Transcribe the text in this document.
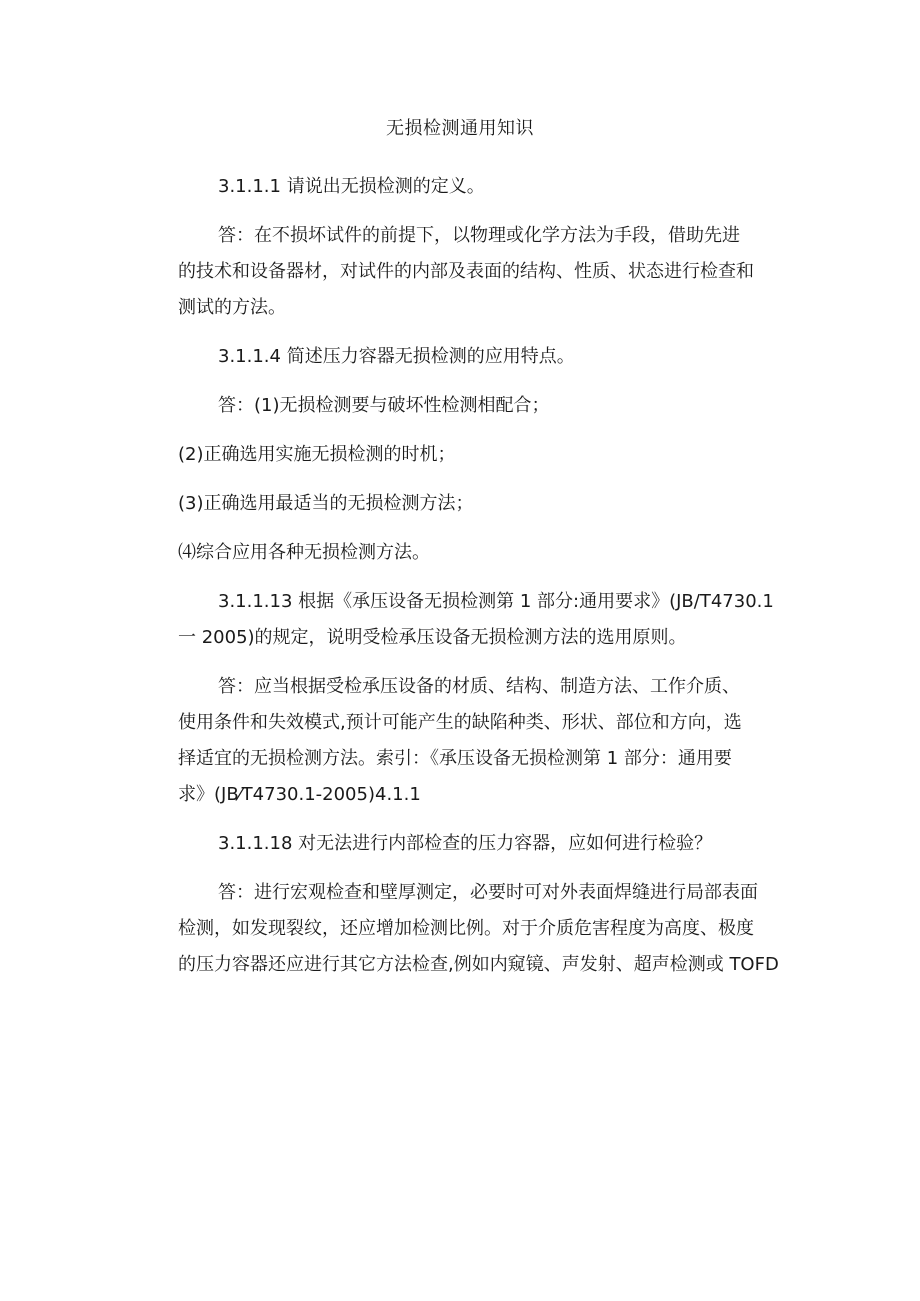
无损检测通用知识
3.1.1.1 请说出无损检测的定义。
答：在不损坏试件的前提下，以物理或化学方法为手段，借助先进
的技术和设备器材，对试件的内部及表面的结构、性质、状态进行检查和
测试的方法。
3.1.1.4 简述压力容器无损检测的应用特点。
答：(1)无损检测要与破坏性检测相配合；
(2)正确选用实施无损检测的时机；
(3)正确选用最适当的无损检测方法；
⑷综合应用各种无损检测方法。
3.1.1.13 根据《承压设备无损检测第 1 部分:通用要求》(JB/T4730.1
一 2005)的规定，说明受检承压设备无损检测方法的选用原则。
答：应当根据受检承压设备的材质、结构、制造方法、工作介质、
使用条件和失效模式,预计可能产生的缺陷种类、形状、部位和方向，选
择适宜的无损检测方法。索引：《承压设备无损检测第 1 部分：通用要
求》(JB⁄T4730.1-2005)4.1.1
3.1.1.18 对无法进行内部检查的压力容器，应如何进行检验？
答：进行宏观检查和壁厚测定，必要时可对外表面焊缝进行局部表面
检测，如发现裂纹，还应增加检测比例。对于介质危害程度为高度、极度
的压力容器还应进行其它方法检查,例如内窥镜、声发射、超声检测或 TOFD
